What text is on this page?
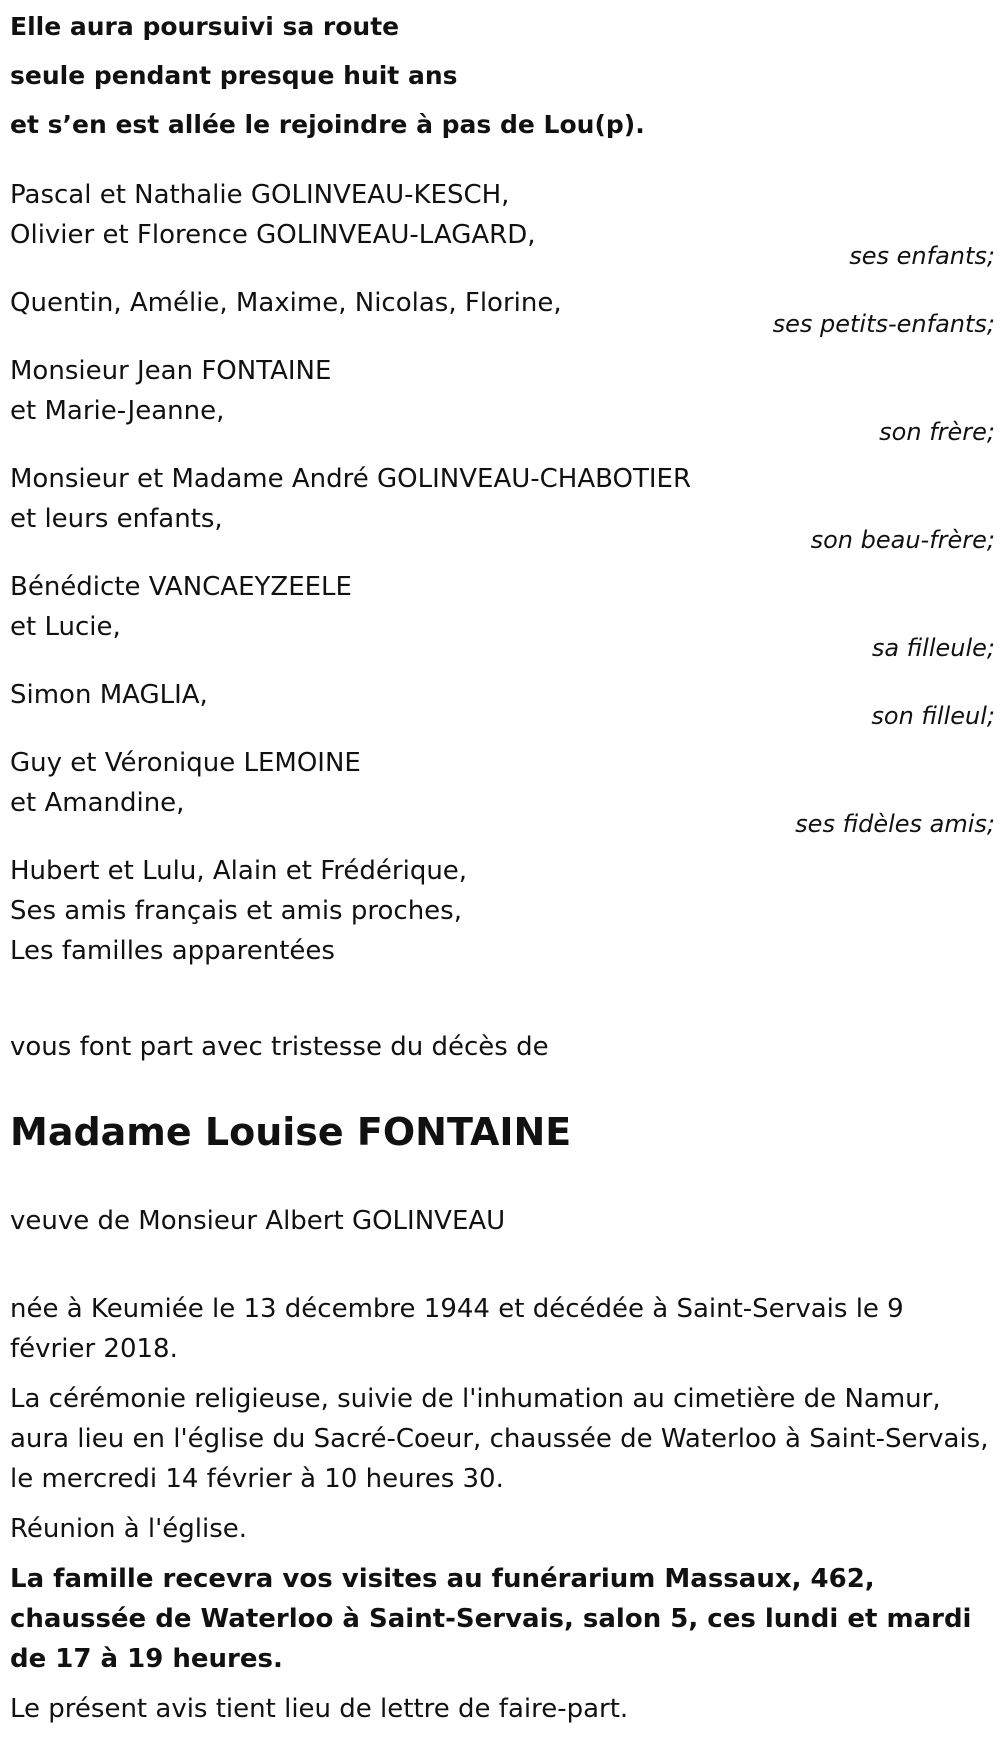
Elle aura poursuivi sa route
seule pendant presque huit ans
et s’en est allée le rejoindre à pas de Lou(p).
Pascal et Nathalie GOLINVEAU-KESCH,
Olivier et Florence GOLINVEAU-LAGARD,
ses enfants;
Quentin, Amélie, Maxime, Nicolas, Florine,
ses petits-enfants;
Monsieur Jean FONTAINE
et Marie-Jeanne,
son frère;
Monsieur et Madame André GOLINVEAU-CHABOTIER
et leurs enfants,
son beau-frère;
Bénédicte VANCAEYZEELE
et Lucie,
sa filleule;
Simon MAGLIA,
son filleul;
Guy et Véronique LEMOINE
et Amandine,
ses fidèles amis;
Hubert et Lulu, Alain et Frédérique,
Ses amis français et amis proches,
Les familles apparentées
vous font part avec tristesse du décès de
Madame Louise FONTAINE
veuve de Monsieur Albert GOLINVEAU
née à Keumiée le 13 décembre 1944 et décédée à Saint-Servais le 9 février 2018.
La cérémonie religieuse, suivie de l'inhumation au cimetière de Namur, aura lieu en l'église du Sacré-Coeur, chaussée de Waterloo à Saint-Servais, le mercredi 14 février à 10 heures 30.
Réunion à l'église.
La famille recevra vos visites au funérarium Massaux, 462, chaussée de Waterloo à Saint-Servais, salon 5, ces lundi et mardi de 17 à 19 heures.
Le présent avis tient lieu de lettre de faire-part.
